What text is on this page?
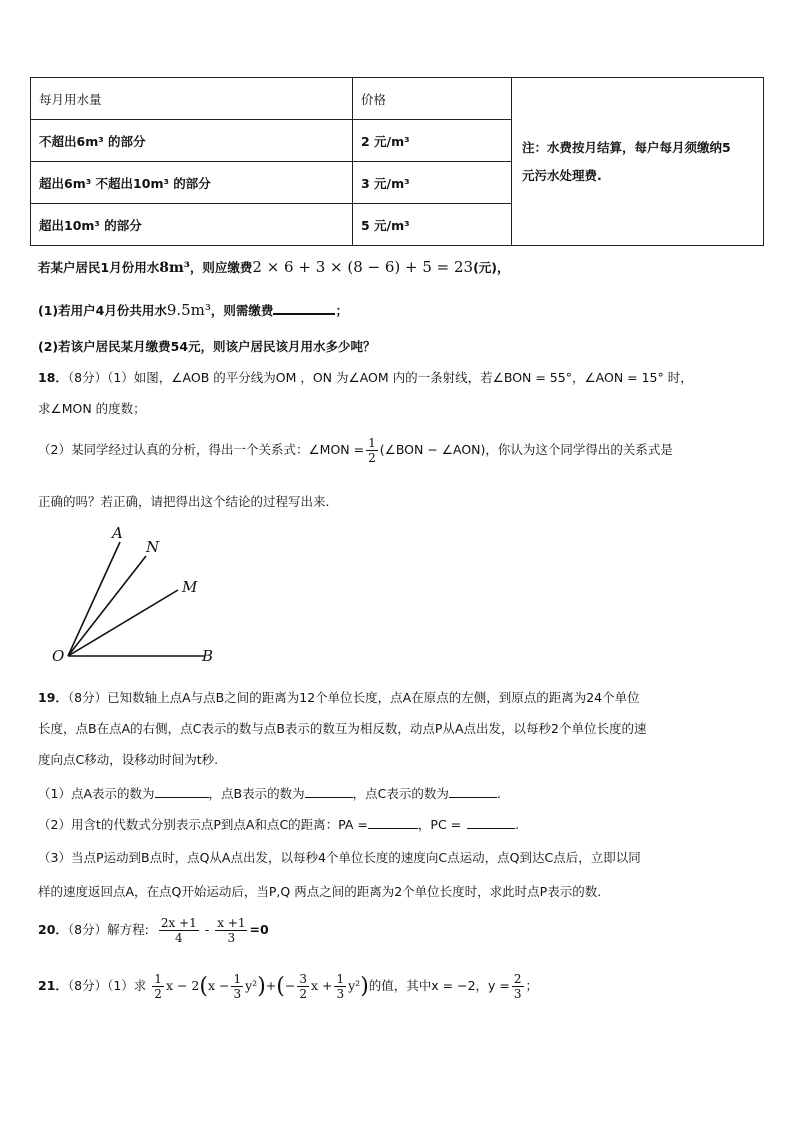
每月用水量	价格	注：水费按月结算，每户每月须缴纳5
元污水处理费.

不超出6m³ 的部分	2 元/m³	
超出6m³ 不超出10m³ 的部分	3 元/m³	
超出10m³ 的部分	5 元/m³	
若某户居民1月份用水8m³，则应缴费2 × 6 + 3 × (8 − 6) + 5 = 23(元)，
(1)若用户4月份共用水9.5m³，则需缴费	；
(2)若该户居民某月缴费54元，则该户居民该月用水多少吨？
18．（8分）（1）如图，∠AOB 的平分线为OM ，ON 为∠AOM 内的一条射线，若∠BON = 55°，∠AON = 15° 时，
求∠MON 的度数；
（2）某同学经过认真的分析，得出一个关系式：∠MON = $\frac{1}{2}$ (∠BON − ∠AON)，你认为这个同学得出的关系式是
正确的吗？若正确，请把得出这个结论的过程写出来.
A
N
M
O	B
19．（8分）已知数轴上点A与点B之间的距离为12个单位长度，点A在原点的左侧，到原点的距离为24个单位
长度，点B在点A的右侧，点C表示的数与点B表示的数互为相反数，动点P从A点出发，以每秒2个单位长度的速
度向点C移动，设移动时间为t秒.
（1）点A表示的数为	，点B表示的数为	，点C表示的数为	.
（2）用含t的代数式分别表示点P到点A和点C的距离：PA =	，PC =	.
（3）当点P运动到B点时，点Q从A点出发，以每秒4个单位长度的速度向C点运动，点Q到达C点后，立即以同
样的速度返回点A，在点Q开始运动后，当P,Q 两点之间的距离为2个单位长度时，求此时点P表示的数.
20．（8分）解方程: $\frac{2x +1}{4} - \frac{x +1}{3} =0$
21．（8分）（1）求 $\frac{1}{2}$ $x - 2(x - \frac{1}{3} y^2)+(- \frac{3}{2}$ $x + \frac{1}{3} y^2$)的值，其中x = −2，$y = \frac{2}{3}$ ；
